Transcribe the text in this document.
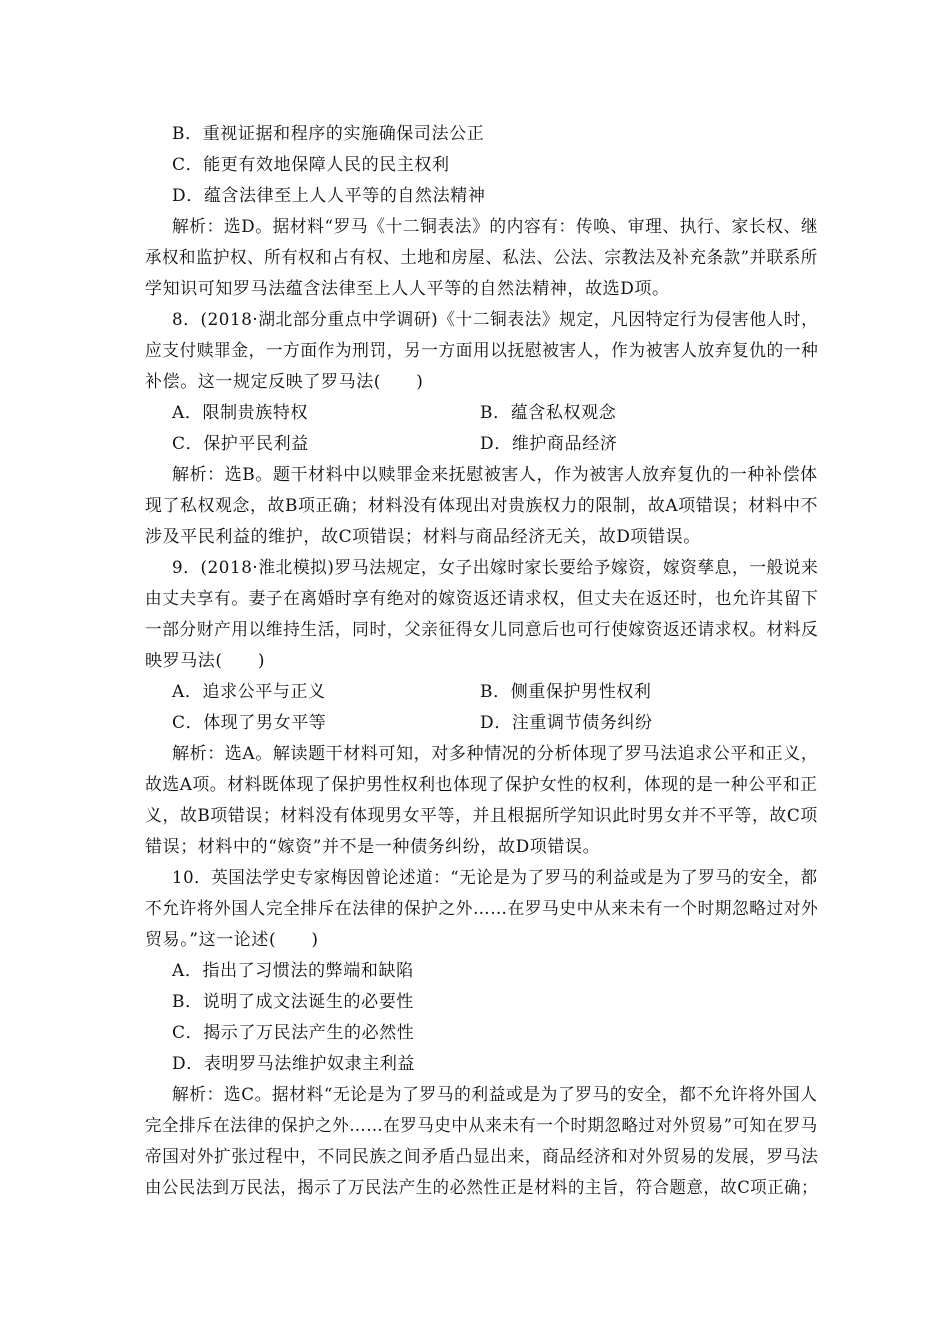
B．重视证据和程序的实施确保司法公正
C．能更有效地保障人民的民主权利
D．蕴含法律至上人人平等的自然法精神
解析：选D。据材料“罗马《十二铜表法》的内容有：传唤、审理、执行、家长权、继
承权和监护权、所有权和占有权、土地和房屋、私法、公法、宗教法及补充条款”并联系所
学知识可知罗马法蕴含法律至上人人平等的自然法精神，故选D项。
8．(2018·湖北部分重点中学调研)《十二铜表法》规定，凡因特定行为侵害他人时，
应支付赎罪金，一方面作为刑罚，另一方面用以抚慰被害人，作为被害人放弃复仇的一种
补偿。这一规定反映了罗马法(　　)
A．限制贵族特权	B．蕴含私权观念
C．保护平民利益	D．维护商品经济
解析：选B。题干材料中以赎罪金来抚慰被害人，作为被害人放弃复仇的一种补偿体
现了私权观念，故B项正确；材料没有体现出对贵族权力的限制，故A项错误；材料中不
涉及平民利益的维护，故C项错误；材料与商品经济无关，故D项错误。
9．(2018·淮北模拟)罗马法规定，女子出嫁时家长要给予嫁资，嫁资孳息，一般说来
由丈夫享有。妻子在离婚时享有绝对的嫁资返还请求权，但丈夫在返还时，也允许其留下
一部分财产用以维持生活，同时，父亲征得女儿同意后也可行使嫁资返还请求权。材料反
映罗马法(　　)
A．追求公平与正义	B．侧重保护男性权利
C．体现了男女平等	D．注重调节债务纠纷
解析：选A。解读题干材料可知，对多种情况的分析体现了罗马法追求公平和正义，
故选A项。材料既体现了保护男性权利也体现了保护女性的权利，体现的是一种公平和正
义，故B项错误；材料没有体现男女平等，并且根据所学知识此时男女并不平等，故C项
错误；材料中的“嫁资”并不是一种债务纠纷，故D项错误。
10．英国法学史专家梅因曾论述道：“无论是为了罗马的利益或是为了罗马的安全，都
不允许将外国人完全排斥在法律的保护之外……在罗马史中从来未有一个时期忽略过对外
贸易。”这一论述(　　)
A．指出了习惯法的弊端和缺陷
B．说明了成文法诞生的必要性
C．揭示了万民法产生的必然性
D．表明罗马法维护奴隶主利益
解析：选C。据材料“无论是为了罗马的利益或是为了罗马的安全，都不允许将外国人
完全排斥在法律的保护之外……在罗马史中从来未有一个时期忽略过对外贸易”可知在罗马
帝国对外扩张过程中，不同民族之间矛盾凸显出来，商品经济和对外贸易的发展，罗马法
由公民法到万民法，揭示了万民法产生的必然性正是材料的主旨，符合题意，故C项正确；
